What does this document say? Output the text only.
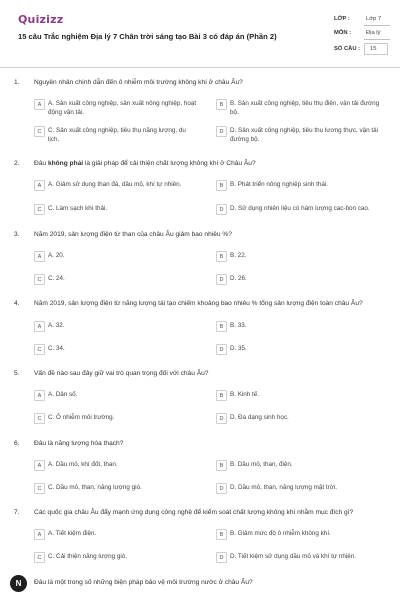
Quizizz
15 câu Trắc nghiệm Địa lý 7 Chân trời sáng tạo Bài 3 có đáp án (Phần 2)
LỚP :	Lớp 7
MÔN :	Địa lý
SỐ CÂU : 15
1. Nguyên nhân chính dẫn đến ô nhiễm môi trường không khí ở châu Âu?
A	A. Sản xuất công nghiệp, sản xuất nông nghiệp, hoạt động vận tải.
B	B. Sản xuất công nghiệp, tiêu thụ điện, vận tải đường bộ.
C	C. Sản xuất công nghiệp, tiêu thụ năng lượng, du lịch.
D	D. Sản xuất công nghiệp, tiêu thụ lương thực, vận tải đường bộ.
2. Đâu không phải là giải pháp để cải thiện chất lượng không khí ở Châu Âu?
A	A. Giảm sử dụng than đá, dầu mỏ, khí tự nhiên.	B	B. Phát triển nông nghiệp sinh thái.
C	C. Làm sạch khí thải.	D	D. Sử dụng nhiên liệu có hàm lượng cac-bon cao.
3. Năm 2019, sản lượng điện từ than của châu Âu giảm bao nhiêu %?
A	A. 20.	B	B. 22.
C	C. 24.	D	D. 26.
4. Năm 2019, sản lượng điện từ năng lượng tái tạo chiếm khoảng bao nhiêu % tổng sản lượng điện toàn châu Âu?
A	A. 32.	B	B. 33.
C	C. 34.	D	D. 35.
5. Vấn đề nào sau đây giữ vai trò quan trọng đối với châu Âu?
A	A. Dân số.	B	B. Kinh tế.
C	C. Ô nhiễm môi trường.	D	D. Đa dạng sinh học.
6. Đâu là năng lượng hóa thạch?
A	A. Dầu mỏ, khí đốt, than.	B	B. Dầu mỏ, than, điện.
C	C. Dầu mỏ, than, năng lượng gió.	D	D. Dầu mỏ, than, năng lượng mặt trời.
7. Các quốc gia châu Âu đẩy mạnh ứng dụng công nghệ để kiểm soát chất lượng không khí nhằm mục đích gì?
A	A. Tiết kiệm điện.	B	B. Giảm mức độ ô nhiễm không khí.
C	C. Cải thiện năng lượng gió.	D	D. Tiết kiệm sử dụng dầu mỏ và khí tự nhiên.
Đâu là một trong số những biện pháp bảo vệ môi trường nước ở châu Âu?
N
